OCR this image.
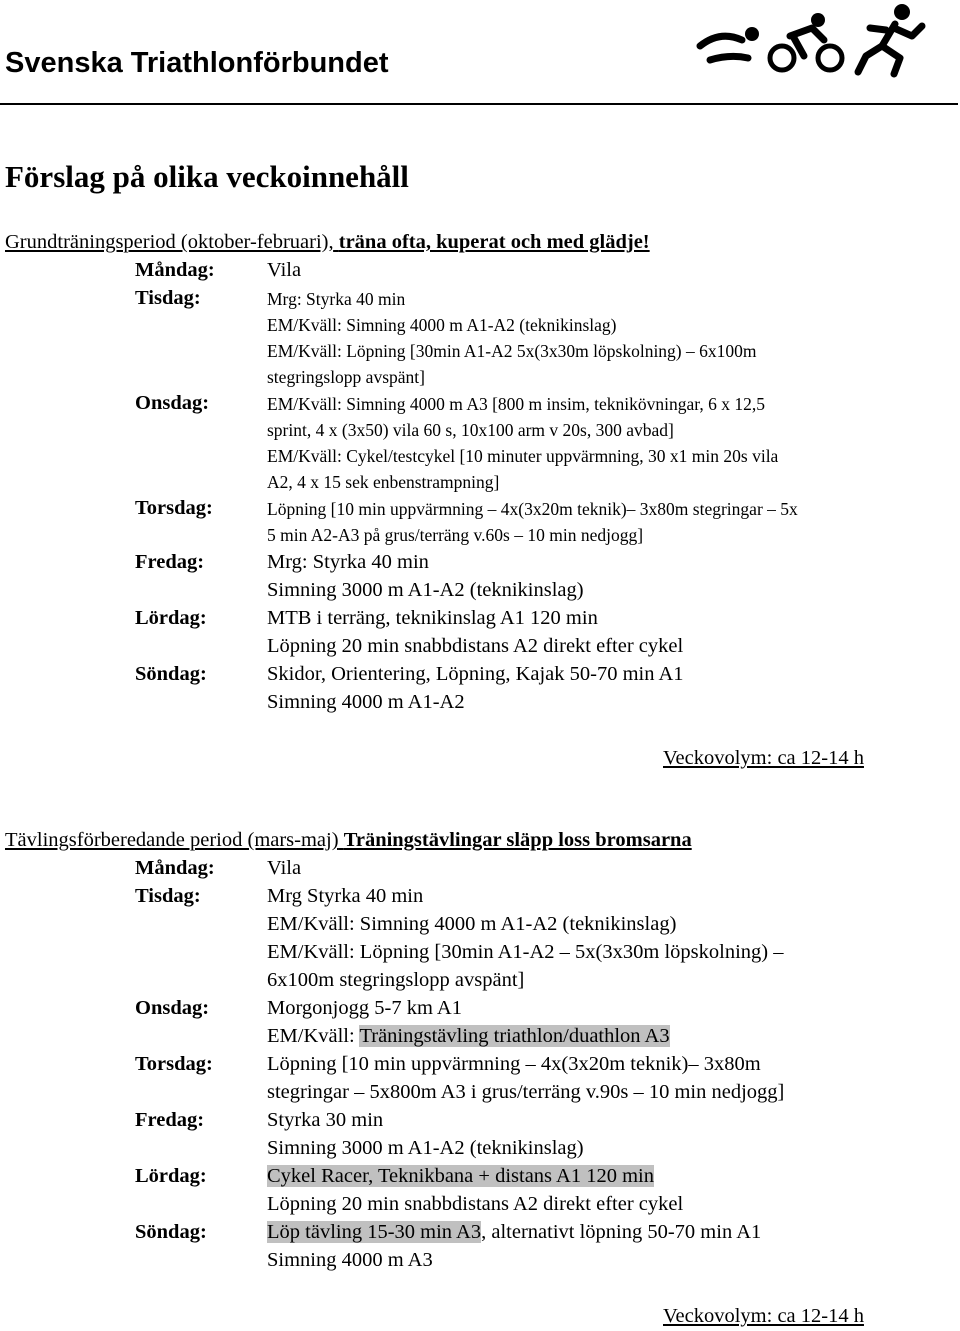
Svenska Triathlonförbundet
Förslag på olika veckoinnehåll
Grundträningsperiod (oktober-februari), träna ofta, kuperat och med glädje!
Måndag:	Vila
Tisdag:	Mrg: Styrka 40 min
EM/Kväll: Simning 4000 m A1-A2 (teknikinslag)
EM/Kväll: Löpning [30min A1-A2 5x(3x30m löpskolning) – 6x100m
stegringslopp avspänt]
Onsdag:	EM/Kväll: Simning 4000 m A3 [800 m insim, teknikövningar, 6 x 12,5
sprint, 4 x (3x50) vila 60 s, 10x100 arm v 20s, 300 avbad]
EM/Kväll: Cykel/testcykel [10 minuter uppvärmning, 30 x1 min 20s vila
A2, 4 x 15 sek enbenstrampning]
Torsdag:	Löpning [10 min uppvärmning – 4x(3x20m teknik)– 3x80m stegringar – 5x
5 min A2-A3 på grus/terräng v.60s – 10 min nedjogg]
Fredag:	Mrg: Styrka 40 min
Simning 3000 m A1-A2 (teknikinslag)
Lördag:	MTB i terräng, teknikinslag A1 120 min
Löpning 20 min snabbdistans A2 direkt efter cykel
Söndag:	Skidor, Orientering, Löpning, Kajak 50-70 min A1
Simning 4000 m A1-A2
Veckovolym: ca 12-14 h
Tävlingsförberedande period (mars-maj) Träningstävlingar släpp loss bromsarna
Måndag:	Vila
Tisdag:	Mrg Styrka 40 min
EM/Kväll: Simning 4000 m A1-A2 (teknikinslag)
EM/Kväll: Löpning [30min A1-A2 – 5x(3x30m löpskolning) –
6x100m stegringslopp avspänt]
Onsdag:	Morgonjogg 5-7 km A1
EM/Kväll: Träningstävling triathlon/duathlon A3
Torsdag:	Löpning [10 min uppvärmning – 4x(3x20m teknik)– 3x80m
stegringar – 5x800m A3 i grus/terräng v.90s – 10 min nedjogg]
Fredag:	Styrka 30 min
Simning 3000 m A1-A2 (teknikinslag)
Lördag:	Cykel Racer, Teknikbana + distans A1 120 min
Löpning 20 min snabbdistans A2 direkt efter cykel
Söndag:	Löp tävling 15-30 min A3, alternativt löpning 50-70 min A1
Simning 4000 m A3
Veckovolym: ca 12-14 h
